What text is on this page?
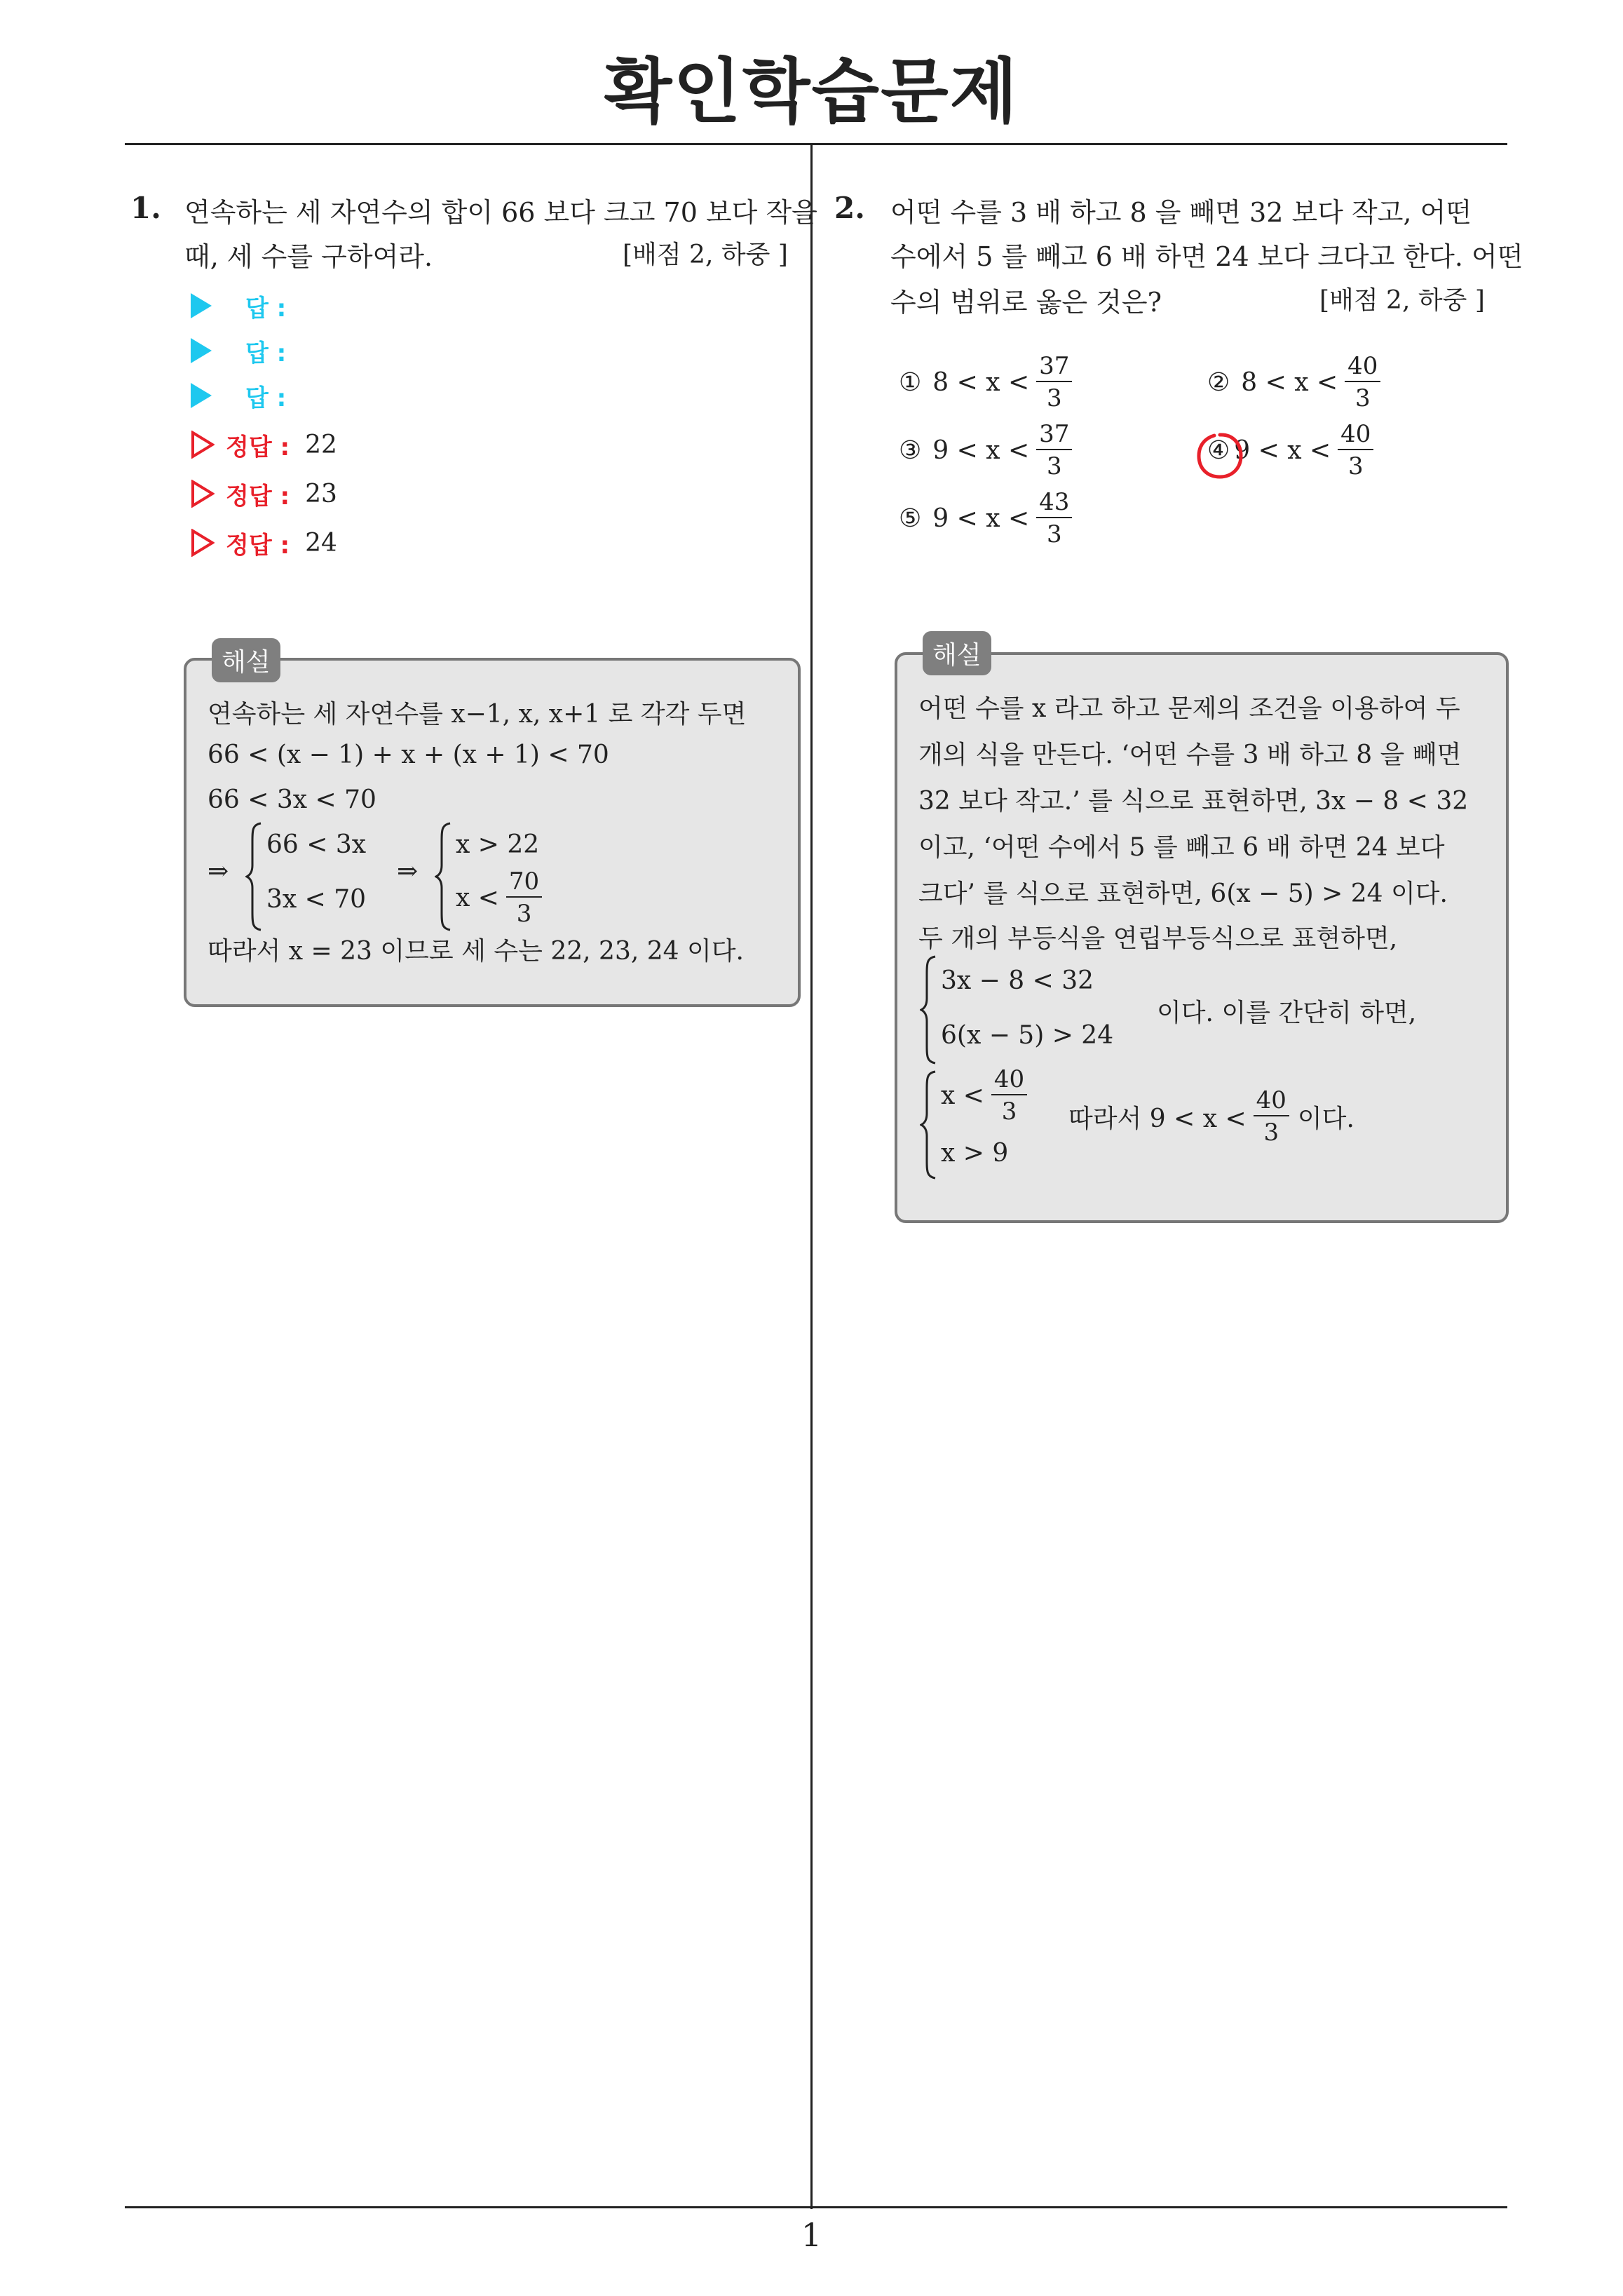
확인학습문제
1
1. 연속하는 세 자연수의 합이 66 보다 크고 70 보다 작을
때, 세 수를 구하여라.	[배점 2, 하중 ]
답 :
답 :
답 :
정답 : 22
정답 : 23
정답 : 24
해설
연속하는 세 자연수를 x−1, x, x+1 로 각각 두면
66 < (x − 1) + x + (x + 1) < 70
66 < 3x < 70
⇒
66 < 3x
3x < 70
⇒
x > 22
$x < \frac{70}{3}$
따라서 x = 23 이므로 세 수는 22, 23, 24 이다.
2. 어떤 수를 3 배 하고 8 을 빼면 32 보다 작고, 어떤
수에서 5 를 빼고 6 배 하면 24 보다 크다고 한다. 어떤
수의 범위로 옳은 것은?	[배점 2, 하중 ]
① $8 < x < \frac{37}{3}$	② $8 < x < \frac{40}{3}$
③ $9 < x < \frac{37}{3}$	④ $9 < x < \frac{40}{3}$
⑤ $9 < x < \frac{43}{3}$
해설
어떤 수를 x 라고 하고 문제의 조건을 이용하여 두
개의 식을 만든다. ‘어떤 수를 3 배 하고 8 을 빼면
32 보다 작고.’ 를 식으로 표현하면, 3x − 8 < 32
이고, ‘어떤 수에서 5 를 빼고 6 배 하면 24 보다
크다’ 를 식으로 표현하면, 6(x − 5) > 24 이다.
두 개의 부등식을 연립부등식으로 표현하면,
3x − 8 < 32
6(x − 5) > 24
이다. 이를 간단히 하면,
$x < \frac{40}{3}$
x > 9
따라서 $9 < x < \frac{40}{3}$ 이다.
